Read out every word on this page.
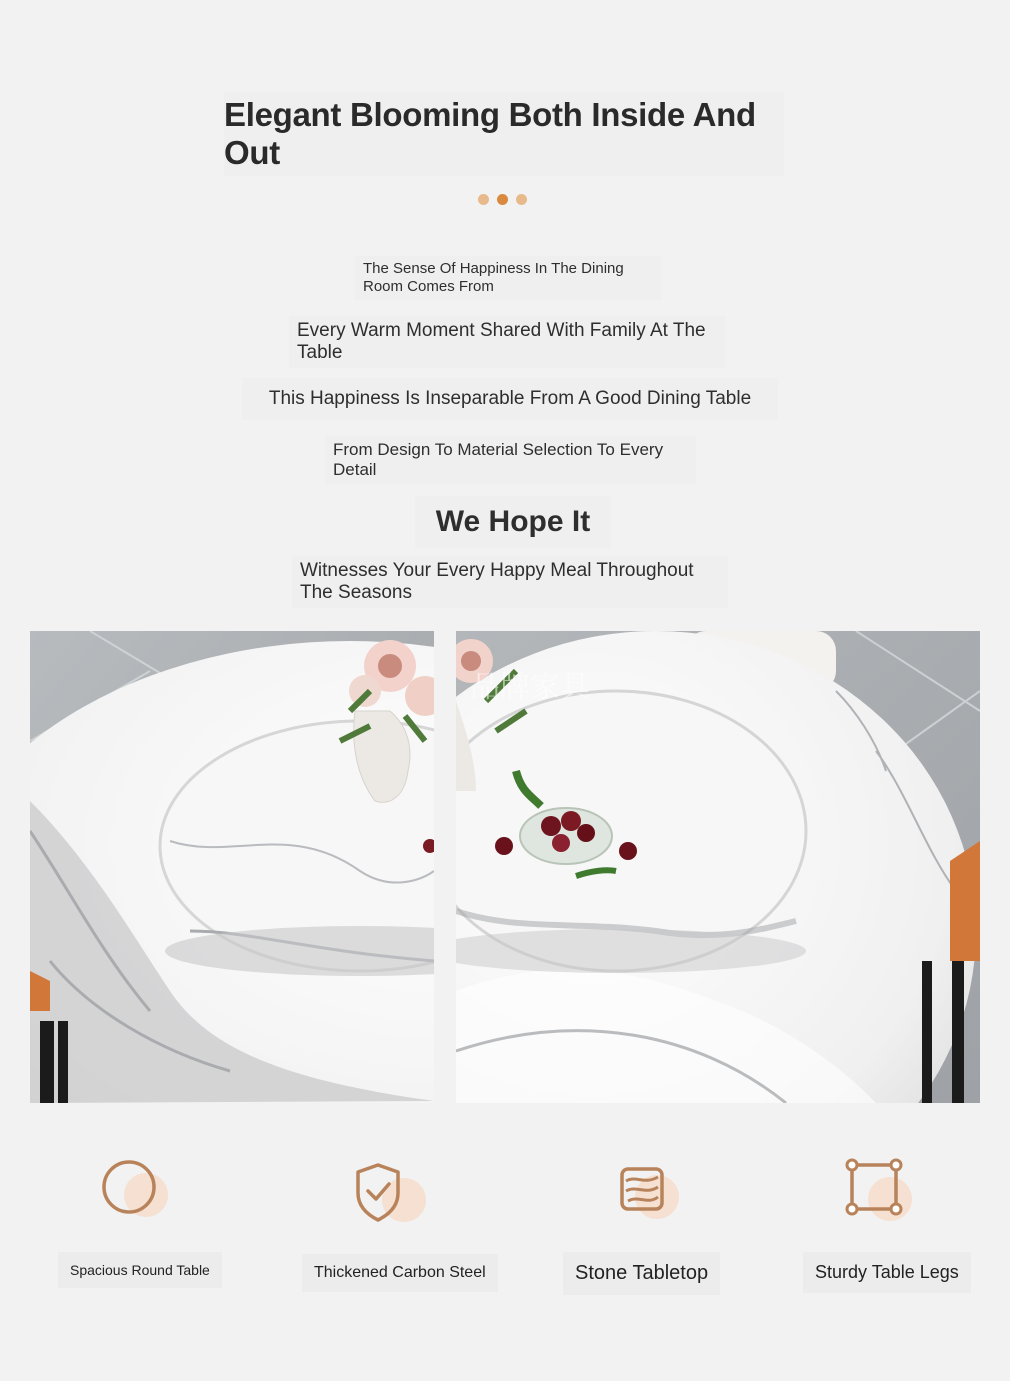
Elegant Blooming Both Inside And Out
The Sense Of Happiness In The Dining Room Comes From
Every Warm Moment Shared With Family At The Table
This Happiness Is Inseparable From A Good Dining Table
From Design To Material Selection To Every Detail
We Hope It
Witnesses Your Every Happy Meal Throughout The Seasons
品牌家具
Spacious Round Table	Thickened Carbon Steel	Stone Tabletop	Sturdy Table Legs
